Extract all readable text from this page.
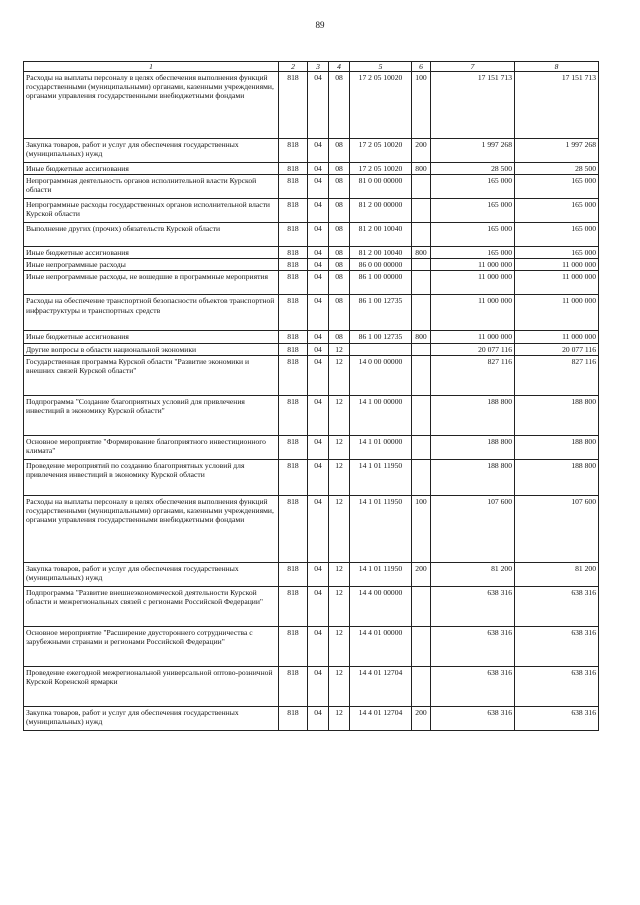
89
1	2	3	4	5	6	7	8
Расходы на выплаты персоналу в целях обеспечения выполнения функций государственными (муниципальными) органами, казенными учреждениями, органами управления государственными внебюджетными фондами	818	04	08	17 2 05 10020	100	17 151 713	17 151 713
Закупка товаров, работ и услуг для обеспечения государственных (муниципальных) нужд	818	04	08	17 2 05 10020	200	1 997 268	1 997 268
Иные бюджетные ассигнования	818	04	08	17 2 05 10020	800	28 500	28 500
Непрограммная деятельность органов исполнительной власти Курской области	818	04	08	81 0 00 00000		165 000	165 000
Непрограммные расходы государственных органов исполнительной власти Курской области	818	04	08	81 2 00 00000		165 000	165 000
Выполнение других (прочих) обязательств Курской области	818	04	08	81 2 00 10040		165 000	165 000
Иные бюджетные ассигнования	818	04	08	81 2 00 10040	800	165 000	165 000
Иные непрограммные расходы	818	04	08	86 0 00 00000		11 000 000	11 000 000
Иные непрограммные расходы, не вошедшие в программные мероприятия	818	04	08	86 1 00 00000		11 000 000	11 000 000
Расходы на обеспечение транспортной безопасности объектов транспортной инфраструктуры и транспортных средств	818	04	08	86 1 00 12735		11 000 000	11 000 000
Иные бюджетные ассигнования	818	04	08	86 1 00 12735	800	11 000 000	11 000 000
Другие вопросы в области национальной экономики	818	04	12			20 077 116	20 077 116
Государственная программа Курской области "Развитие экономики и внешних связей Курской области"	818	04	12	14 0 00 00000		827 116	827 116
Подпрограмма "Создание благоприятных условий для привлечения инвестиций в экономику Курской области"	818	04	12	14 1 00 00000		188 800	188 800
Основное мероприятие "Формирование благоприятного инвестиционного климата"	818	04	12	14 1 01 00000		188 800	188 800
Проведение мероприятий по созданию благоприятных условий для привлечения инвестиций в экономику Курской области	818	04	12	14 1 01 11950		188 800	188 800
Расходы на выплаты персоналу в целях обеспечения выполнения функций государственными (муниципальными) органами, казенными учреждениями, органами управления государственными внебюджетными фондами	818	04	12	14 1 01 11950	100	107 600	107 600
Закупка товаров, работ и услуг для обеспечения государственных (муниципальных) нужд	818	04	12	14 1 01 11950	200	81 200	81 200
Подпрограмма "Развитие внешнеэкономической деятельности Курской области и межрегиональных связей с регионами Российской Федерации"	818	04	12	14 4 00 00000		638 316	638 316
Основное мероприятие "Расширение двустороннего сотрудничества с зарубежными странами и регионами Российской Федерации"	818	04	12	14 4 01 00000		638 316	638 316
Проведение ежегодной межрегиональной универсальной оптово-розничной Курской Коренской ярмарки	818	04	12	14 4 01 12704		638 316	638 316
Закупка товаров, работ и услуг для обеспечения государственных (муниципальных) нужд	818	04	12	14 4 01 12704	200	638 316	638 316
